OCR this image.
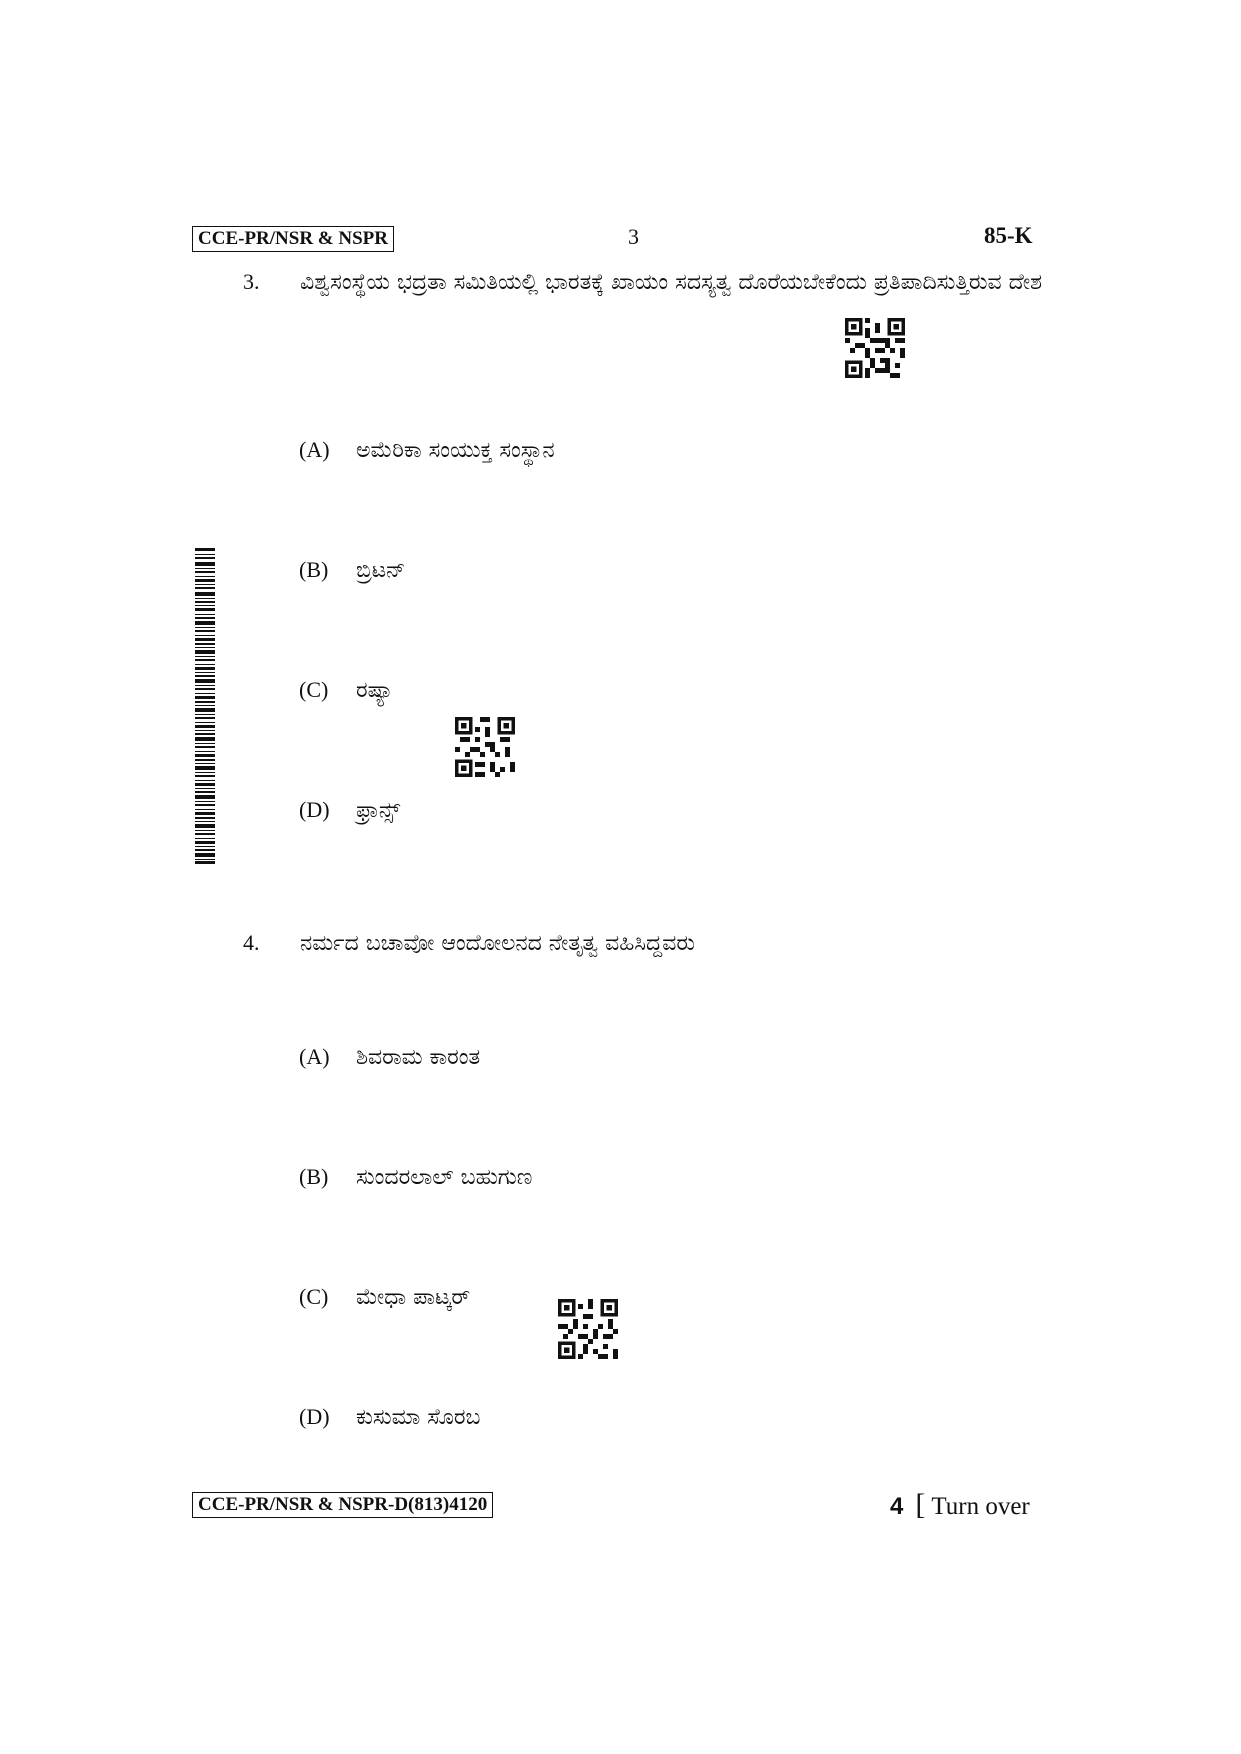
CCE-PR/NSR & NSPR	3	85-K
3. ವಿಶ್ವಸಂಸ್ಥೆಯ ಭದ್ರತಾ ಸಮಿತಿಯಲ್ಲಿ ಭಾರತಕ್ಕೆ ಖಾಯಂ ಸದಸ್ಯತ್ವ ದೊರೆಯಬೇಕೆಂದು ಪ್ರತಿಪಾದಿಸುತ್ತಿರುವ ದೇಶ
(A) ಅಮೆರಿಕಾ ಸಂಯುಕ್ತ ಸಂಸ್ಥಾನ
(B) ಬ್ರಿಟನ್
(C) ರಷ್ಯಾ
(D) ಫ್ರಾನ್ಸ್
4. ನರ್ಮದ ಬಚಾವೋ ಆಂದೋಲನದ ನೇತೃತ್ವ ವಹಿಸಿದ್ದವರು
(A) ಶಿವರಾಮ ಕಾರಂತ
(B) ಸುಂದರಲಾಲ್ ಬಹುಗುಣ
(C) ಮೇಧಾ ಪಾಟ್ಕರ್
(D) ಕುಸುಮಾ ಸೊರಬ
CCE-PR/NSR & NSPR-D(813)4120	4 [ Turn over
